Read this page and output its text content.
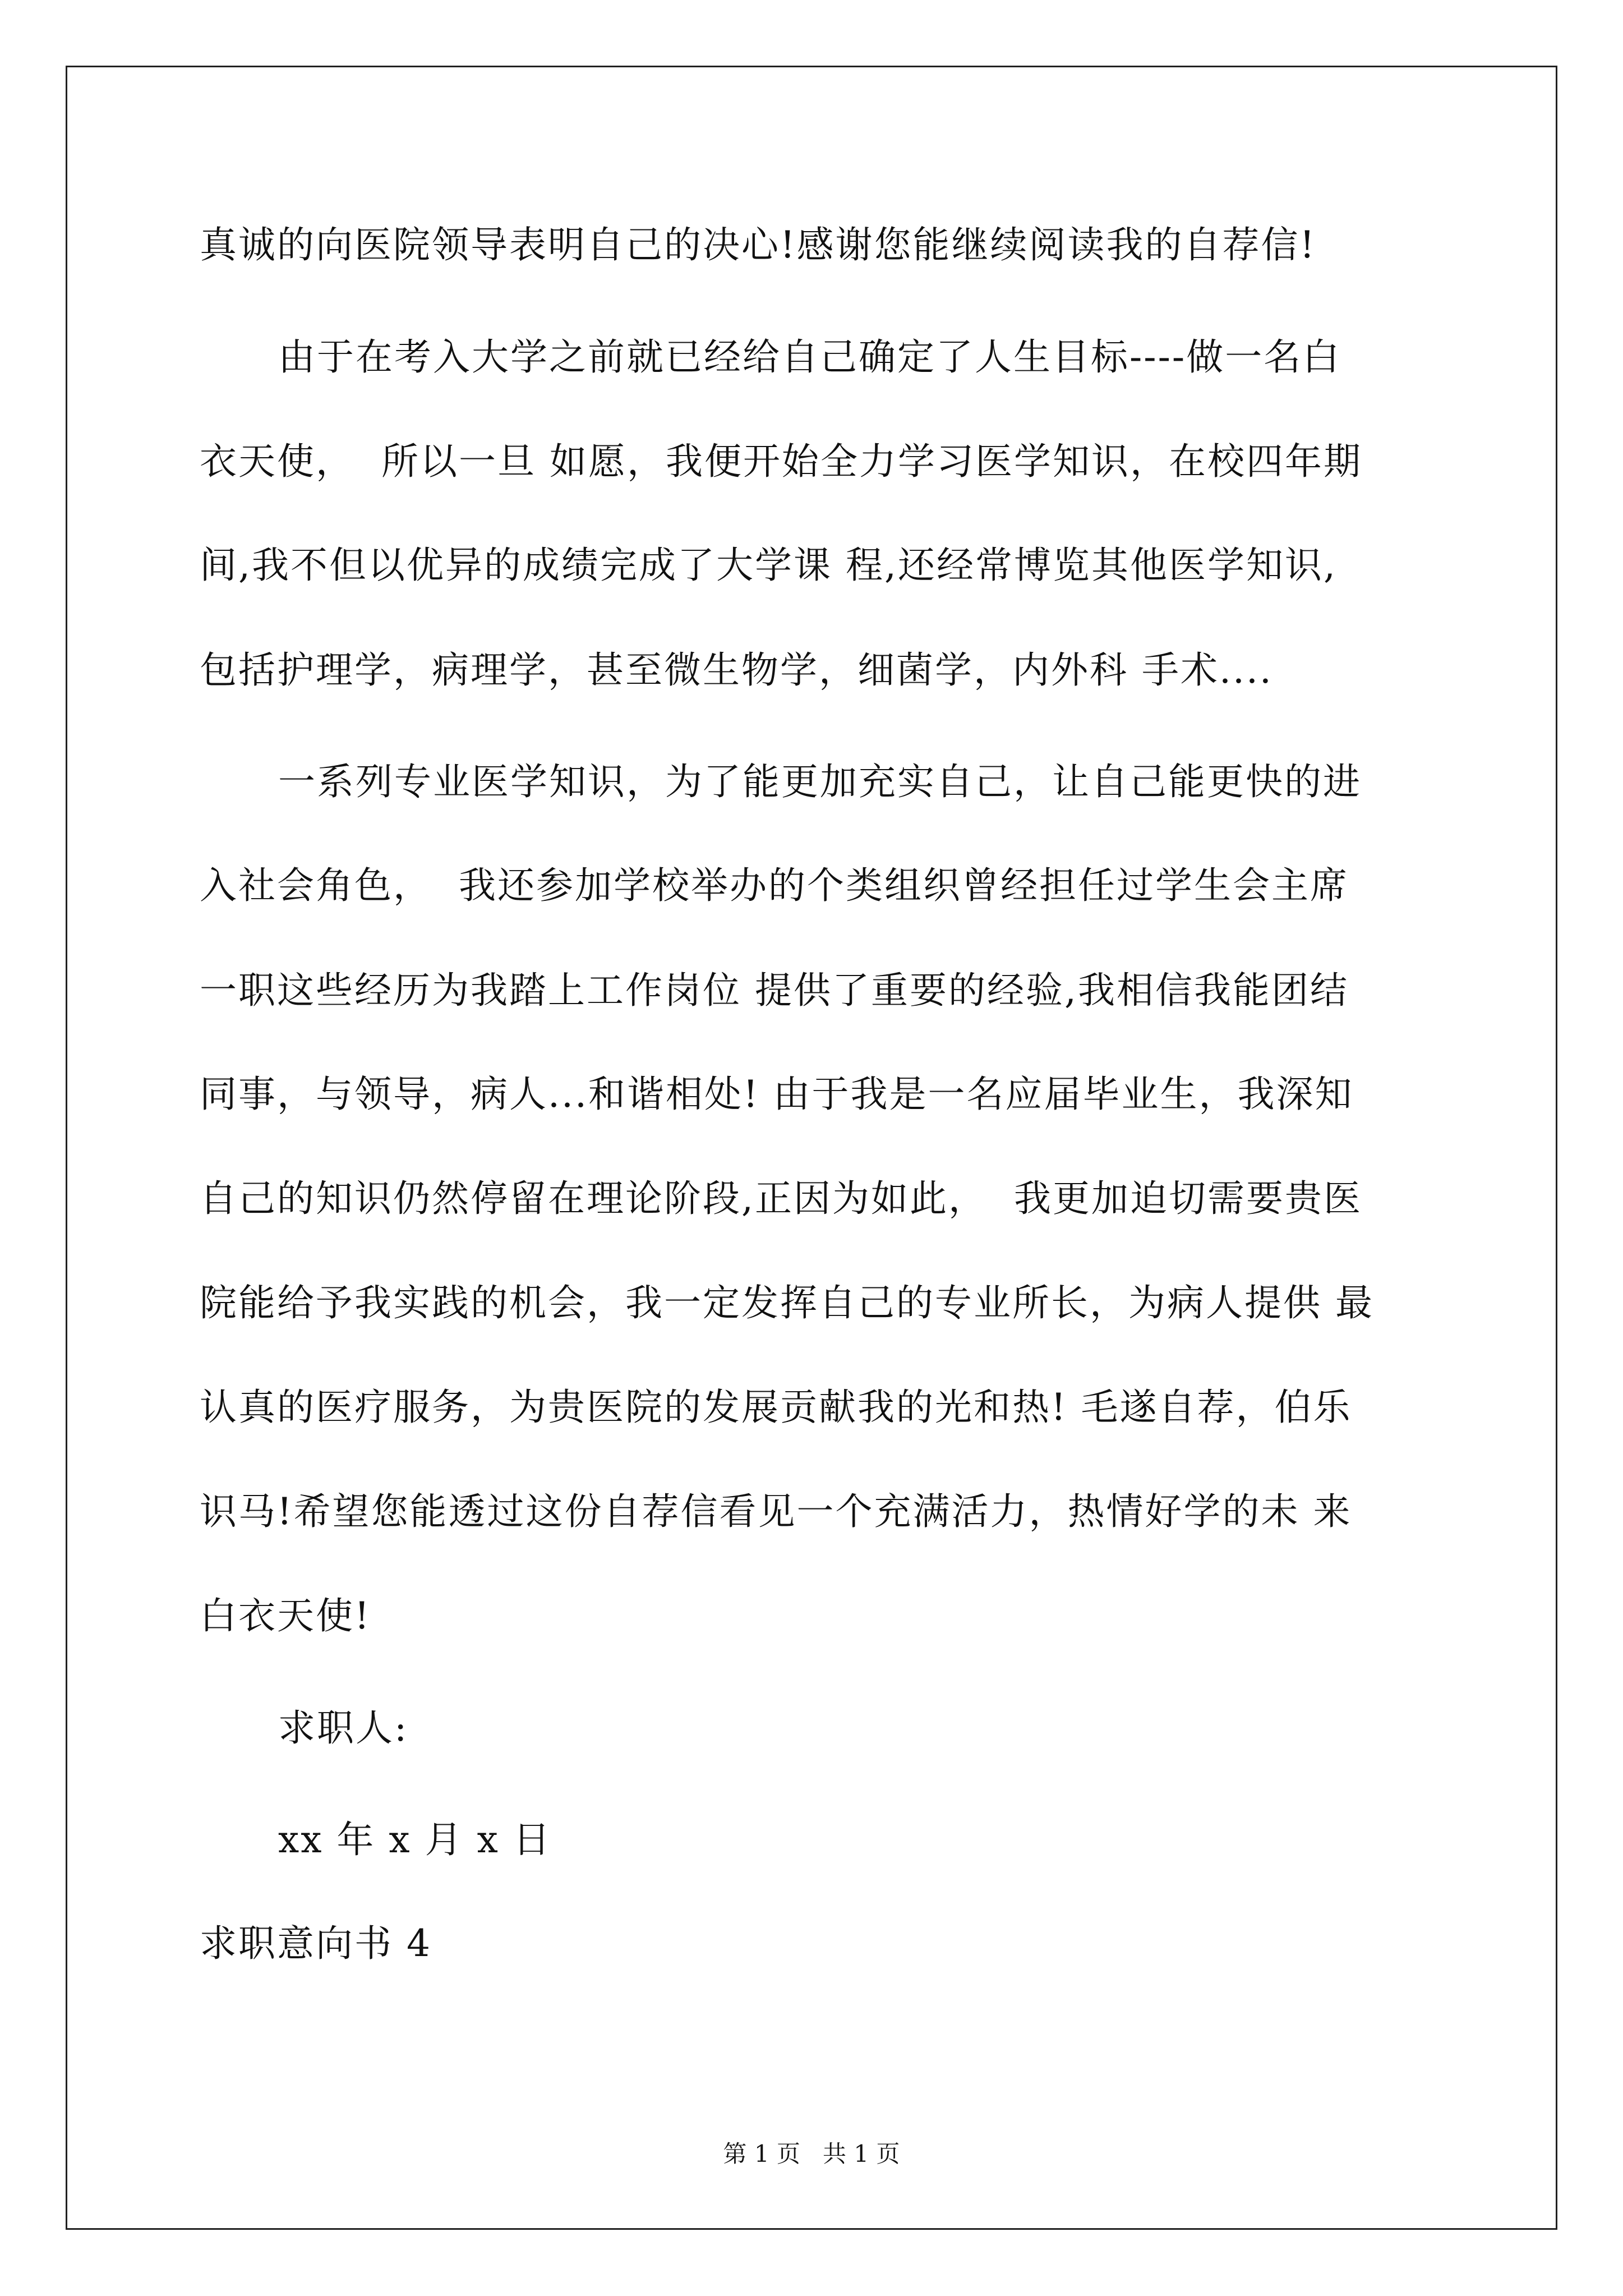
真诚的向医院领导表明自己的决心!感谢您能继续阅读我的自荐信!
由于在考入大学之前就已经给自己确定了人生目标----做一名白
衣天使，  所以一旦 如愿，我便开始全力学习医学知识，在校四年期
间,我不但以优异的成绩完成了大学课 程,还经常博览其他医学知识,
包括护理学，病理学，甚至微生物学，细菌学，内外科 手术....
一系列专业医学知识，为了能更加充实自己，让自己能更快的进
入社会角色，  我还参加学校举办的个类组织曾经担任过学生会主席
一职这些经历为我踏上工作岗位 提供了重要的经验,我相信我能团结
同事，与领导，病人...和谐相处! 由于我是一名应届毕业生，我深知
自己的知识仍然停留在理论阶段,正因为如此，  我更加迫切需要贵医
院能给予我实践的机会，我一定发挥自己的专业所长，为病人提供 最
认真的医疗服务，为贵医院的发展贡献我的光和热! 毛遂自荐，伯乐
识马!希望您能透过这份自荐信看见一个充满活力，热情好学的未 来
白衣天使!
求职人:
xx 年 x 月 x 日
求职意向书 4
第 1 页   共 1 页
